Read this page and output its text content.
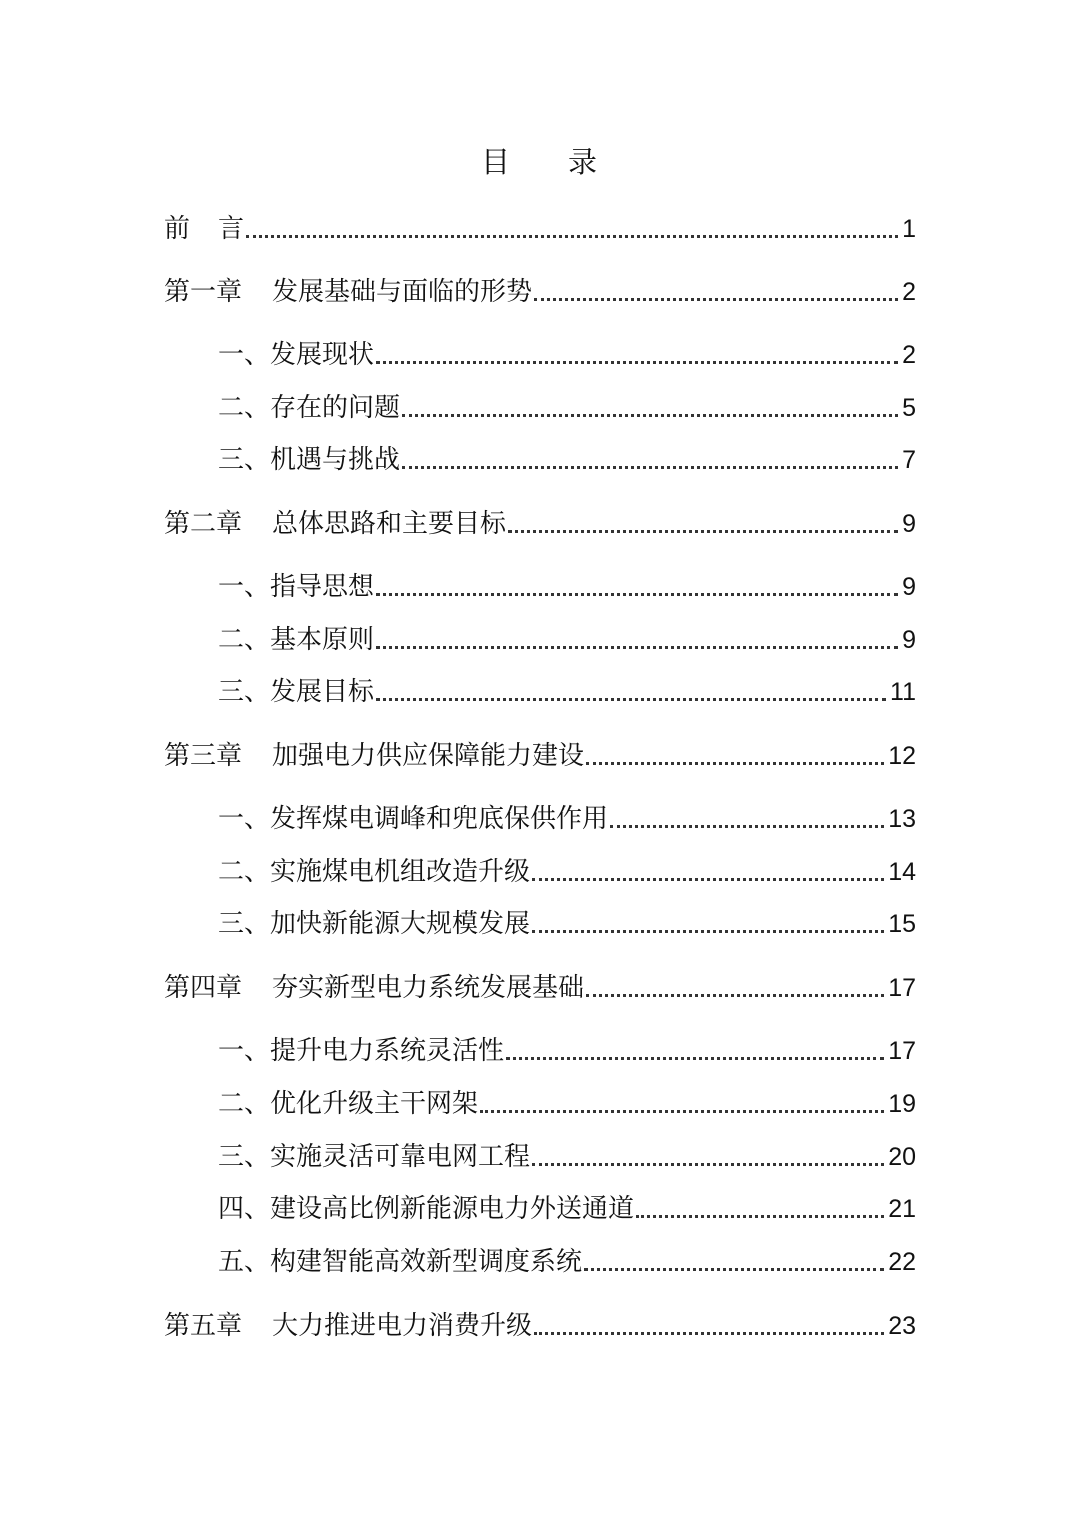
目 录
前 言	1
第一章 发展基础与面临的形势	2
一、发展现状	2
二、存在的问题	5
三、机遇与挑战	7
第二章 总体思路和主要目标	9
一、指导思想	9
二、基本原则	9
三、发展目标	11
第三章 加强电力供应保障能力建设	12
一、发挥煤电调峰和兜底保供作用	13
二、实施煤电机组改造升级	14
三、加快新能源大规模发展	15
第四章 夯实新型电力系统发展基础	17
一、提升电力系统灵活性	17
二、优化升级主干网架	19
三、实施灵活可靠电网工程	20
四、建设高比例新能源电力外送通道	21
五、构建智能高效新型调度系统	22
第五章 大力推进电力消费升级	23
